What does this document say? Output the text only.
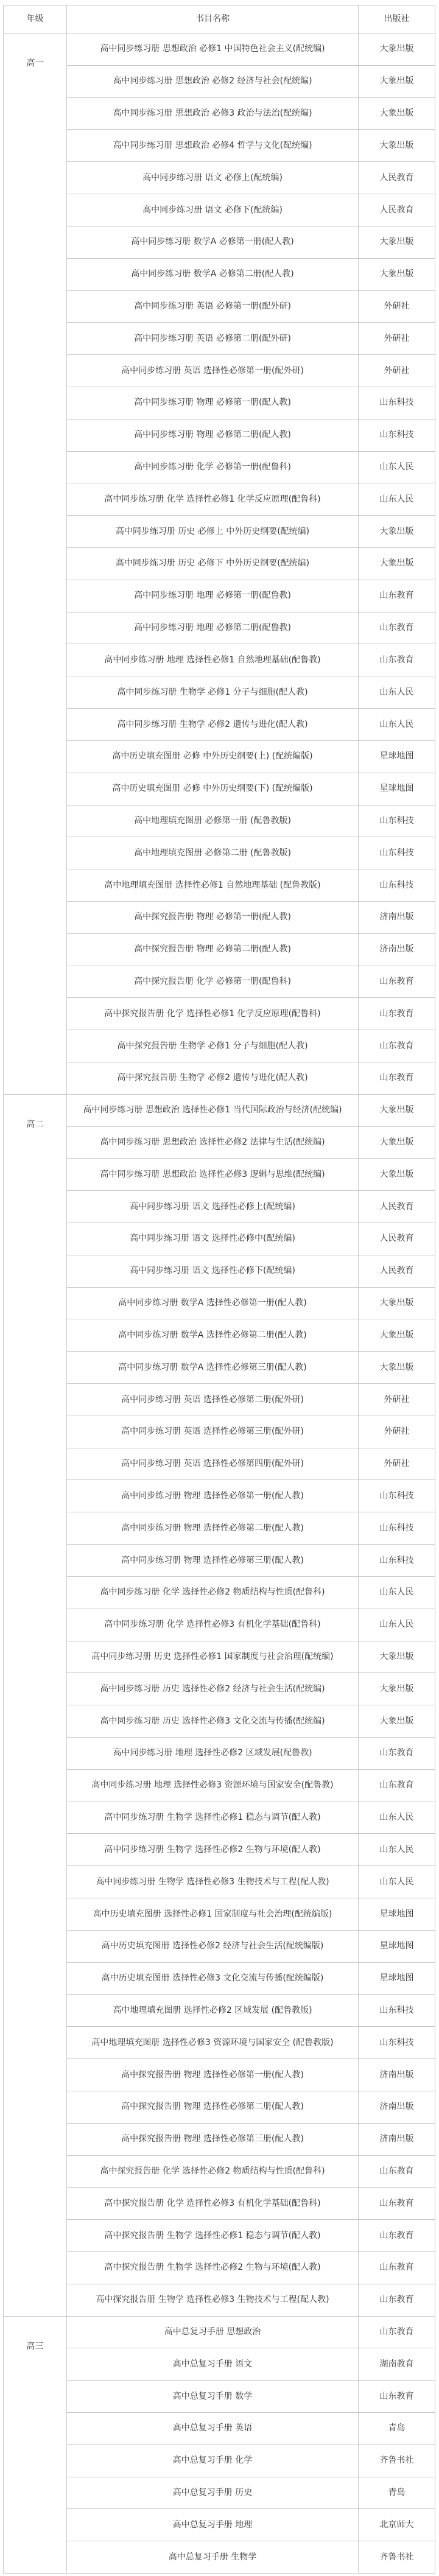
年级	书目名称	出版社
高一
高中同步练习册 思想政治 必修1 中国特色社会主义(配统编)	大象出版
高中同步练习册 思想政治 必修2 经济与社会(配统编)	大象出版
高中同步练习册 思想政治 必修3 政治与法治(配统编)	大象出版
高中同步练习册 思想政治 必修4 哲学与文化(配统编)	大象出版
高中同步练习册 语文 必修上(配统编)	人民教育
高中同步练习册 语文 必修下(配统编)	人民教育
高中同步练习册 数学A 必修第一册(配人教)	大象出版
高中同步练习册 数学A 必修第二册(配人教)	大象出版
高中同步练习册 英语 必修第一册(配外研)	外研社
高中同步练习册 英语 必修第二册(配外研)	外研社
高中同步练习册 英语 选择性必修第一册(配外研)	外研社
高中同步练习册 物理 必修第一册(配人教)	山东科技
高中同步练习册 物理 必修第二册(配人教)	山东科技
高中同步练习册 化学 必修第一册(配鲁科)	山东人民
高中同步练习册 化学 选择性必修1 化学反应原理(配鲁科)	山东人民
高中同步练习册 历史 必修上 中外历史纲要(配统编)	大象出版
高中同步练习册 历史 必修下 中外历史纲要(配统编)	大象出版
高中同步练习册 地理 必修第一册(配鲁教)	山东教育
高中同步练习册 地理 必修第二册(配鲁教)	山东教育
高中同步练习册 地理 选择性必修1 自然地理基础(配鲁教)	山东教育
高中同步练习册 生物学 必修1 分子与细胞(配人教)	山东人民
高中同步练习册 生物学 必修2 遗传与进化(配人教)	山东人民
高中历史填充图册 必修 中外历史纲要(上) (配统编版)	星球地图
高中历史填充图册 必修 中外历史纲要(下) (配统编版)	星球地图
高中地理填充图册 必修第一册 (配鲁教版)	山东科技
高中地理填充图册 必修第二册 (配鲁教版)	山东科技
高中地理填充图册 选择性必修1 自然地理基础 (配鲁教版)	山东科技
高中探究报告册 物理 必修第一册(配人教)	济南出版
高中探究报告册 物理 必修第二册(配人教)	济南出版
高中探究报告册 化学 必修第一册(配鲁科)	山东教育
高中探究报告册 化学 选择性必修1 化学反应原理(配鲁科)	山东教育
高中探究报告册 生物学 必修1 分子与细胞(配人教)	山东教育
高中探究报告册 生物学 必修2 遗传与进化(配人教)	山东教育
高二
高中同步练习册 思想政治 选择性必修1 当代国际政治与经济(配统编)	大象出版
高中同步练习册 思想政治 选择性必修2 法律与生活(配统编)	大象出版
高中同步练习册 思想政治 选择性必修3 逻辑与思维(配统编)	大象出版
高中同步练习册 语文 选择性必修上(配统编)	人民教育
高中同步练习册 语文 选择性必修中(配统编)	人民教育
高中同步练习册 语文 选择性必修下(配统编)	人民教育
高中同步练习册 数学A 选择性必修第一册(配人教)	大象出版
高中同步练习册 数学A 选择性必修第二册(配人教)	大象出版
高中同步练习册 数学A 选择性必修第三册(配人教)	大象出版
高中同步练习册 英语 选择性必修第二册(配外研)	外研社
高中同步练习册 英语 选择性必修第三册(配外研)	外研社
高中同步练习册 英语 选择性必修第四册(配外研)	外研社
高中同步练习册 物理 选择性必修第一册(配人教)	山东科技
高中同步练习册 物理 选择性必修第二册(配人教)	山东科技
高中同步练习册 物理 选择性必修第三册(配人教)	山东科技
高中同步练习册 化学 选择性必修2 物质结构与性质(配鲁科)	山东人民
高中同步练习册 化学 选择性必修3 有机化学基础(配鲁科)	山东人民
高中同步练习册 历史 选择性必修1 国家制度与社会治理(配统编)	大象出版
高中同步练习册 历史 选择性必修2 经济与社会生活(配统编)	大象出版
高中同步练习册 历史 选择性必修3 文化交流与传播(配统编)	大象出版
高中同步练习册 地理 选择性必修2 区域发展(配鲁教)	山东教育
高中同步练习册 地理 选择性必修3 资源环境与国家安全(配鲁教)	山东教育
高中同步练习册 生物学 选择性必修1 稳态与调节(配人教)	山东人民
高中同步练习册 生物学 选择性必修2 生物与环境(配人教)	山东人民
高中同步练习册 生物学 选择性必修3 生物技术与工程(配人教)	山东人民
高中历史填充图册 选择性必修1 国家制度与社会治理(配统编版)	星球地图
高中历史填充图册 选择性必修2 经济与社会生活(配统编版)	星球地图
高中历史填充图册 选择性必修3 文化交流与传播(配统编版)	星球地图
高中地理填充图册 选择性必修2 区域发展 (配鲁教版)	山东科技
高中地理填充图册 选择性必修3 资源环境与国家安全 (配鲁教版)	山东科技
高中探究报告册 物理 选择性必修第一册(配人教)	济南出版
高中探究报告册 物理 选择性必修第二册(配人教)	济南出版
高中探究报告册 物理 选择性必修第三册(配人教)	济南出版
高中探究报告册 化学 选择性必修2 物质结构与性质(配鲁科)	山东教育
高中探究报告册 化学 选择性必修3 有机化学基础(配鲁科)	山东教育
高中探究报告册 生物学 选择性必修1 稳态与调节(配人教)	山东教育
高中探究报告册 生物学 选择性必修2 生物与环境(配人教)	山东教育
高中探究报告册 生物学 选择性必修3 生物技术与工程(配人教)	山东教育
高三
高中总复习手册 思想政治	山东教育
高中总复习手册 语文	湖南教育
高中总复习手册 数学	山东教育
高中总复习手册 英语	青岛
高中总复习手册 化学	齐鲁书社
高中总复习手册 历史	青岛
高中总复习手册 地理	北京师大
高中总复习手册 生物学	齐鲁书社
